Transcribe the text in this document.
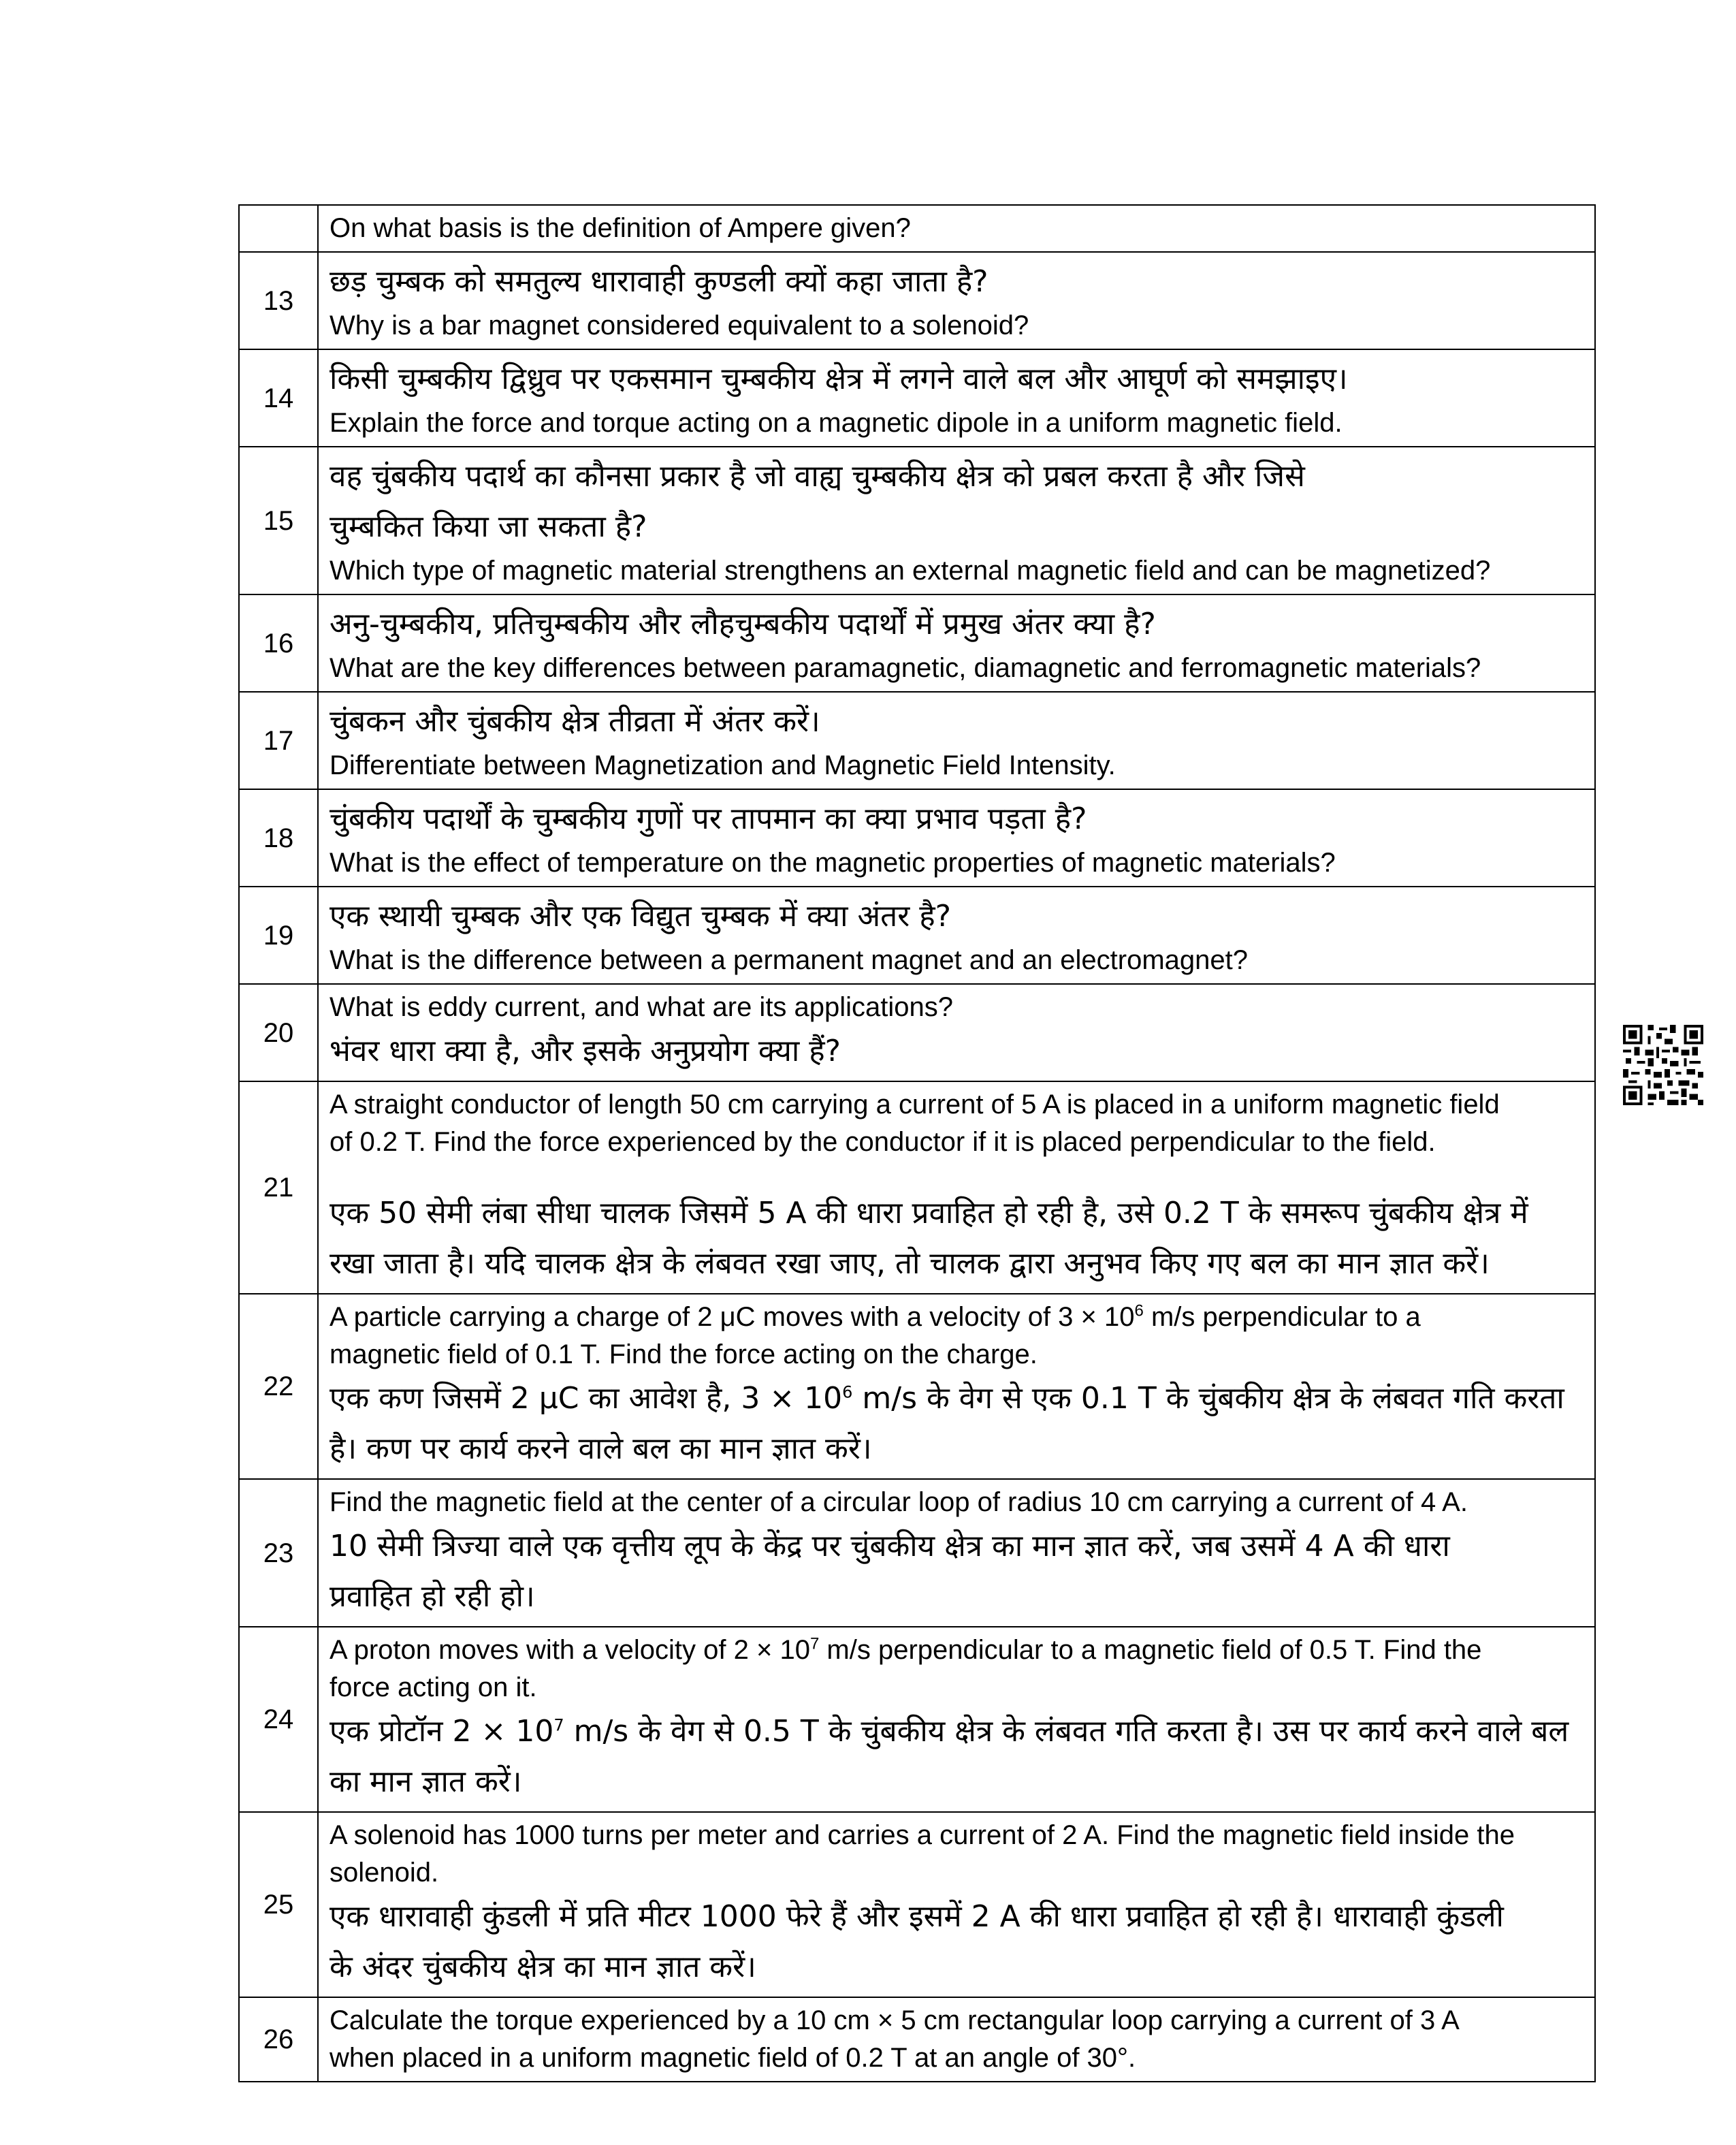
	On what basis is the definition of Ampere given?

13	छड़ चुम्बक को समतुल्य धारावाही कुण्डली क्यों कहा जाता है?

Why is a bar magnet considered equivalent to a solenoid?

14	किसी चुम्बकीय द्विध्रुव पर एकसमान चुम्बकीय क्षेत्र में लगने वाले बल और आघूर्ण को समझाइए।

Explain the force and torque acting on a magnetic dipole in a uniform magnetic field.

15	वह चुंबकीय पदार्थ का कौनसा प्रकार है जो वाह्य चुम्बकीय क्षेत्र को प्रबल करता है और जिसे

चुम्बकित किया जा सकता है?

Which type of magnetic material strengthens an external magnetic field and can be magnetized?

16	अनु-चुम्बकीय, प्रतिचुम्बकीय और लौहचुम्बकीय पदार्थों में प्रमुख अंतर क्या है?

What are the key differences between paramagnetic, diamagnetic and ferromagnetic materials?

17	चुंबकन और चुंबकीय क्षेत्र तीव्रता में अंतर करें।

Differentiate between Magnetization and Magnetic Field Intensity.

18	चुंबकीय पदार्थों के चुम्बकीय गुणों पर तापमान का क्या प्रभाव पड़ता है?

What is the effect of temperature on the magnetic properties of magnetic materials?

19	एक स्थायी चुम्बक और एक विद्युत चुम्बक में क्या अंतर है?

What is the difference between a permanent magnet and an electromagnet?

20	What is eddy current, and what are its applications?

भंवर धारा क्या है, और इसके अनुप्रयोग क्या हैं?

21	A straight conductor of length 50 cm carrying a current of 5 A is placed in a uniform magnetic field

of 0.2 T. Find the force experienced by the conductor if it is placed perpendicular to the field.

एक 50 सेमी लंबा सीधा चालक जिसमें 5 A की धारा प्रवाहित हो रही है, उसे 0.2 T के समरूप चुंबकीय क्षेत्र में

रखा जाता है। यदि चालक क्षेत्र के लंबवत रखा जाए, तो चालक द्वारा अनुभव किए गए बल का मान ज्ञात करें।

22	A particle carrying a charge of 2 μC moves with a velocity of $3 \times 10^6$ m/s perpendicular to a

magnetic field of 0.1 T. Find the force acting on the charge.

एक कण जिसमें 2 μC का आवेश है, $3 \times 10^6$ m/s के वेग से एक 0.1 T के चुंबकीय क्षेत्र के लंबवत गति करता

है। कण पर कार्य करने वाले बल का मान ज्ञात करें।

23	Find the magnetic field at the center of a circular loop of radius 10 cm carrying a current of 4 A.

10 सेमी त्रिज्या वाले एक वृत्तीय लूप के केंद्र पर चुंबकीय क्षेत्र का मान ज्ञात करें, जब उसमें 4 A की धारा

प्रवाहित हो रही हो।

24	A proton moves with a velocity of $2 \times 10^7$ m/s perpendicular to a magnetic field of 0.5 T. Find the

force acting on it.

एक प्रोटॉन $2 \times 10^7$ m/s के वेग से 0.5 T के चुंबकीय क्षेत्र के लंबवत गति करता है। उस पर कार्य करने वाले बल

का मान ज्ञात करें।

25	A solenoid has 1000 turns per meter and carries a current of 2 A. Find the magnetic field inside the

solenoid.

एक धारावाही कुंडली में प्रति मीटर 1000 फेरे हैं और इसमें 2 A की धारा प्रवाहित हो रही है। धारावाही कुंडली

के अंदर चुंबकीय क्षेत्र का मान ज्ञात करें।

26	Calculate the torque experienced by a 10 cm × 5 cm rectangular loop carrying a current of 3 A

when placed in a uniform magnetic field of 0.2 T at an angle of 30°.
